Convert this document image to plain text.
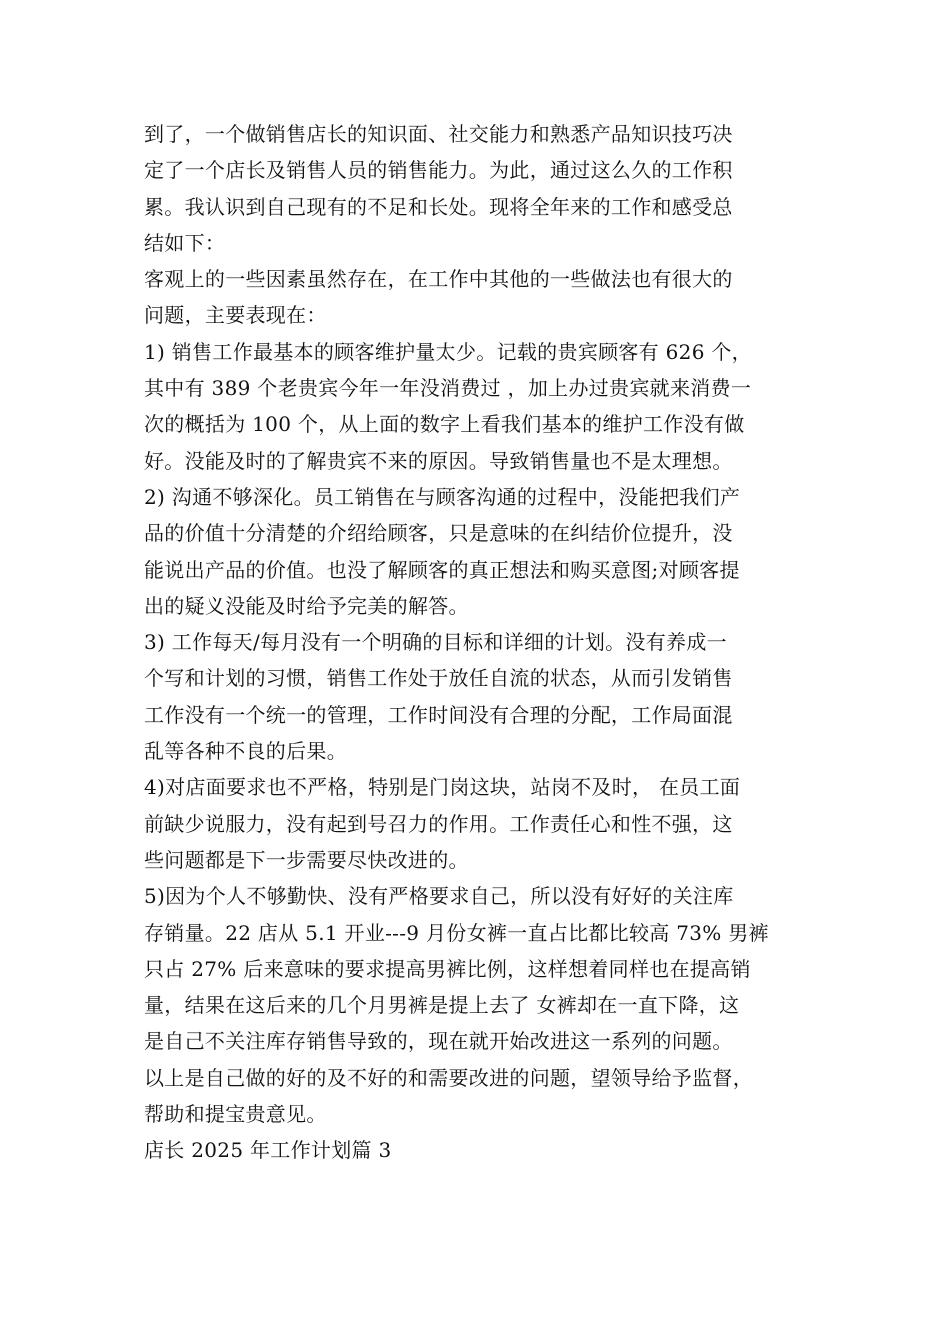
到了，一个做销售店长的知识面、社交能力和熟悉产品知识技巧决
定了一个店长及销售人员的销售能力。为此，通过这么久的工作积
累。我认识到自己现有的不足和长处。现将全年来的工作和感受总
结如下：
客观上的一些因素虽然存在，在工作中其他的一些做法也有很大的
问题，主要表现在：
1) 销售工作最基本的顾客维护量太少。记载的贵宾顾客有 626 个，
其中有 389 个老贵宾今年一年没消费过 ，加上办过贵宾就来消费一
次的概括为 100 个，从上面的数字上看我们基本的维护工作没有做
好。没能及时的了解贵宾不来的原因。导致销售量也不是太理想。
2) 沟通不够深化。员工销售在与顾客沟通的过程中，没能把我们产
品的价值十分清楚的介绍给顾客，只是意味的在纠结价位提升，没
能说出产品的价值。也没了解顾客的真正想法和购买意图;对顾客提
出的疑义没能及时给予完美的解答。
3) 工作每天/每月没有一个明确的目标和详细的计划。没有养成一
个写和计划的习惯，销售工作处于放任自流的状态，从而引发销售
工作没有一个统一的管理，工作时间没有合理的分配，工作局面混
乱等各种不良的后果。
4)对店面要求也不严格，特别是门岗这块，站岗不及时， 在员工面
前缺少说服力，没有起到号召力的作用。工作责任心和性不强，这
些问题都是下一步需要尽快改进的。
5)因为个人不够勤快、没有严格要求自己，所以没有好好的关注库
存销量。22 店从 5.1 开业---9 月份女裤一直占比都比较高 73% 男裤
只占 27% 后来意味的要求提高男裤比例，这样想着同样也在提高销
量，结果在这后来的几个月男裤是提上去了 女裤却在一直下降，这
是自己不关注库存销售导致的，现在就开始改进这一系列的问题。
以上是自己做的好的及不好的和需要改进的问题，望领导给予监督，
帮助和提宝贵意见。
店长 2025 年工作计划篇 3
